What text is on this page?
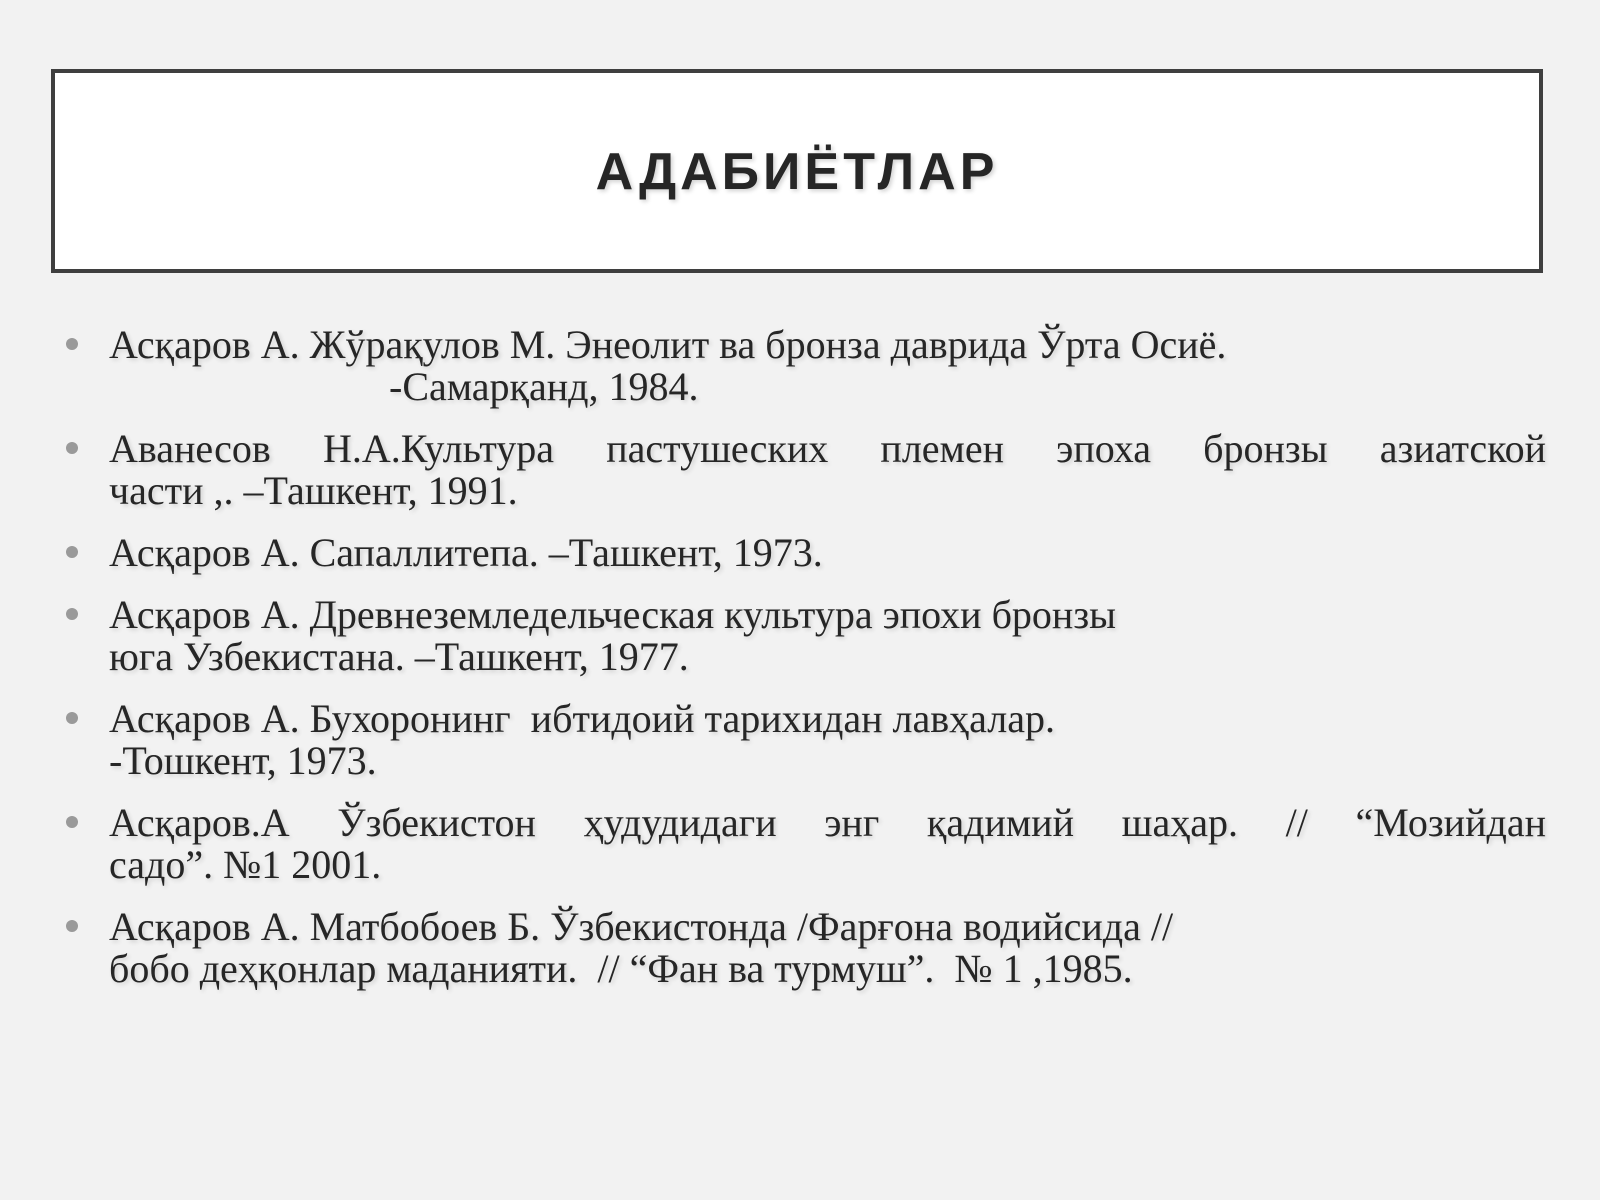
АДАБИЁТЛАР
Асқаров А. Жўрақулов М. Энеолит ва бронза даврида Ўрта Осиё.
-Самарқанд, 1984.
Аванесов Н.А.Культура пастушеских племен эпоха бронзы азиатской
части ,. –Ташкент, 1991.
Асқаров А. Сапаллитепа. –Ташкент, 1973.
Асқаров А. Древнеземледельческая культура эпохи бронзы
юга Узбекистана. –Ташкент, 1977.
Асқаров А. Бухоронинг  ибтидоий тарихидан лавҳалар.
-Тошкент, 1973.
Асқаров.А Ўзбекистон ҳудудидаги энг қадимий шаҳар. // “Мозийдан
садо”. №1 2001.
Асқаров А. Матбобоев Б. Ўзбекистонда /Фарғона водийсида //
бобо деҳқонлар маданияти.  // “Фан ва турмуш”.  № 1 ,1985.
